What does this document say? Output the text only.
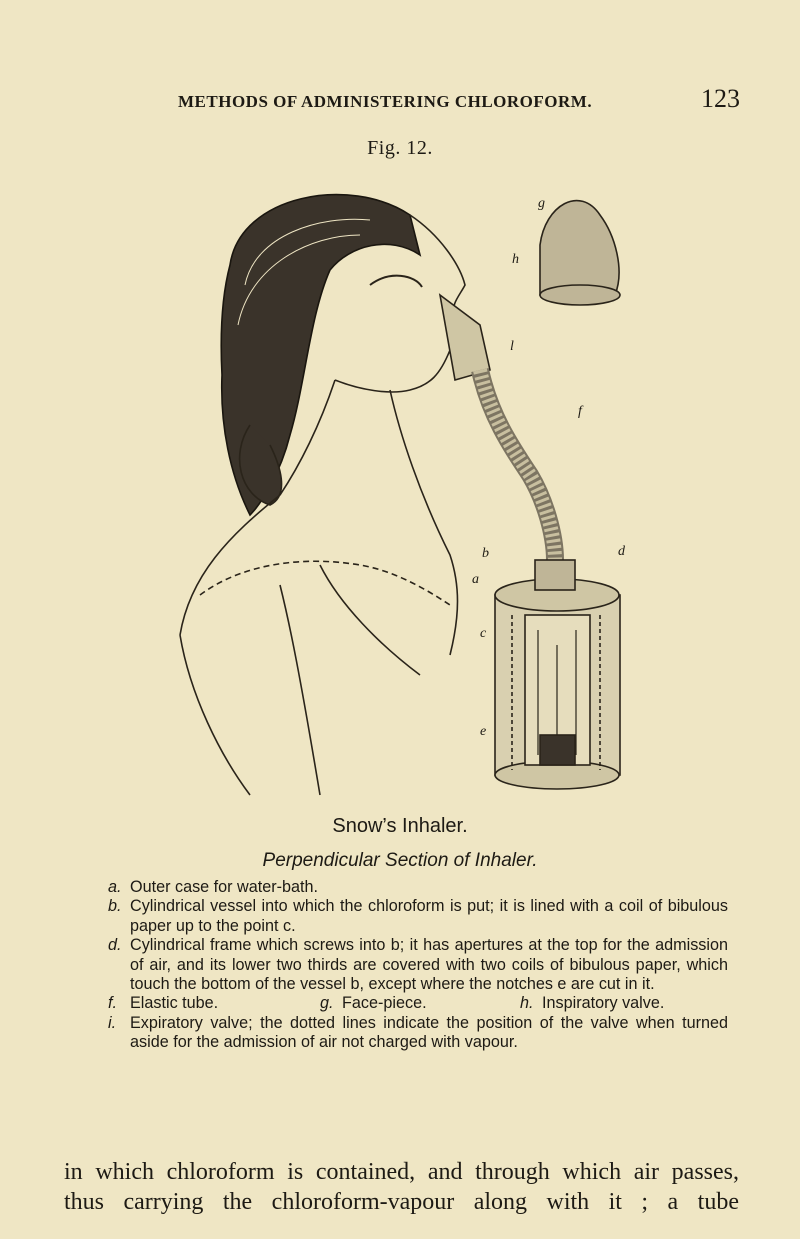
METHODS OF ADMINISTERING CHLOROFORM.	123
Fig. 12.
g
h
l
f
d
b
a
c
e
Snow’s Inhaler.
Perpendicular Section of Inhaler.
a. Outer case for water-bath.
b. Cylindrical vessel into which the chloroform is put; it is lined with a coil of bibulous paper up to the point c.
d. Cylindrical frame which screws into b; it has apertures at the top for the admission of air, and its lower two thirds are covered with two coils of bibulous paper, which touch the bottom of the vessel b, except where the notches e are cut in it.
f. Elastic tube.	g. Face-piece.	h. Inspiratory valve.
i. Expiratory valve; the dotted lines indicate the position of the valve when turned aside for the admission of air not charged with vapour.
in which chloroform is contained, and through which air passes,
thus carrying the chloroform-vapour along with it ; a tube
